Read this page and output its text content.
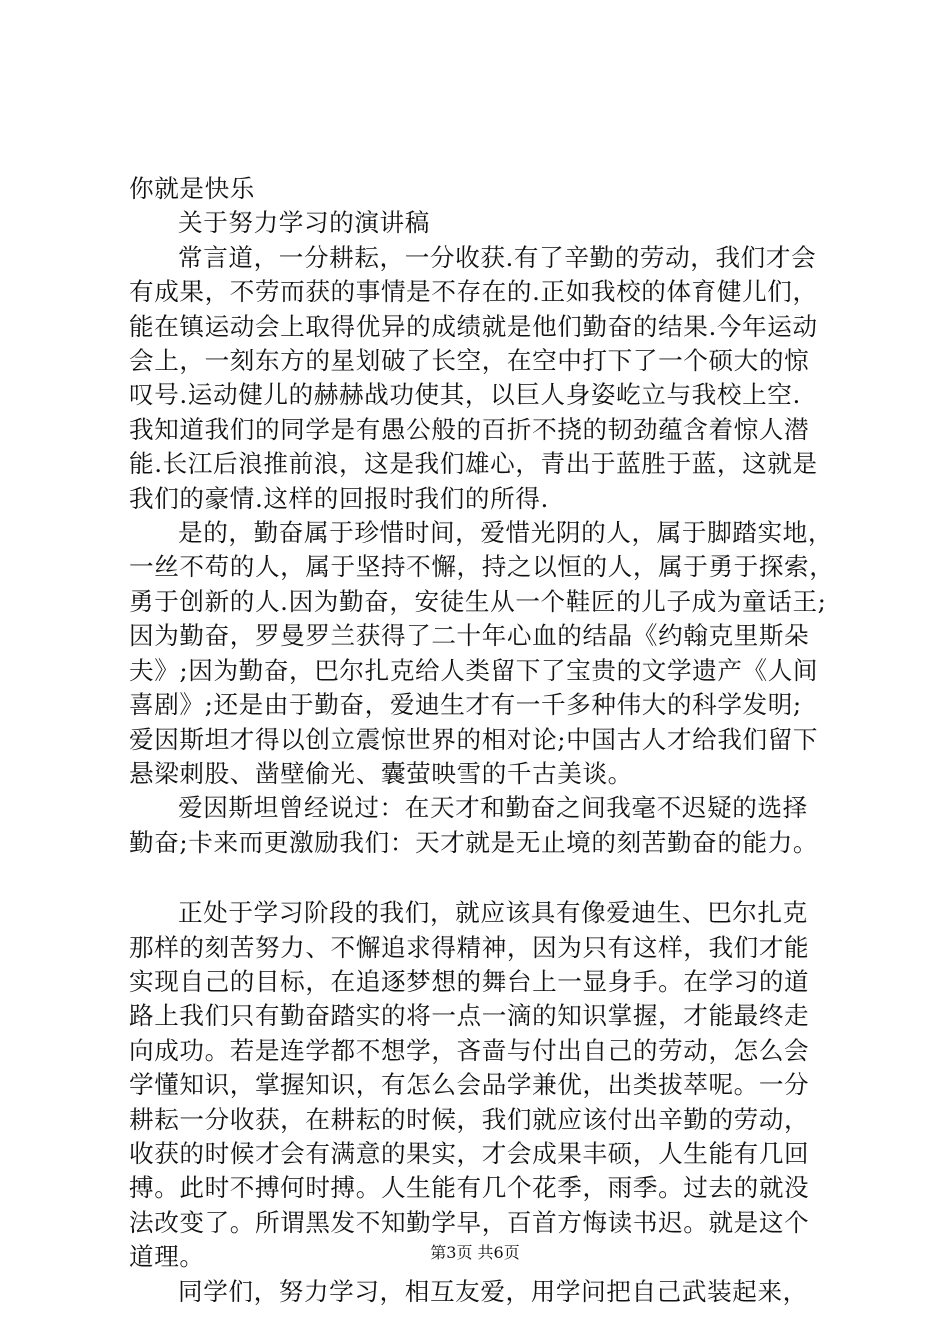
你就是快乐
关于努力学习的演讲稿
常言道，一分耕耘，一分收获.有了辛勤的劳动，我们才会
有成果，不劳而获的事情是不存在的.正如我校的体育健儿们，
能在镇运动会上取得优异的成绩就是他们勤奋的结果.今年运动
会上，一刻东方的星划破了长空，在空中打下了一个硕大的惊
叹号.运动健儿的赫赫战功使其，以巨人身姿屹立与我校上空.
我知道我们的同学是有愚公般的百折不挠的韧劲蕴含着惊人潜
能.长江后浪推前浪，这是我们雄心，青出于蓝胜于蓝，这就是
我们的豪情.这样的回报时我们的所得.
是的，勤奋属于珍惜时间，爱惜光阴的人，属于脚踏实地，
一丝不苟的人，属于坚持不懈，持之以恒的人，属于勇于探索，
勇于创新的人.因为勤奋，安徒生从一个鞋匠的儿子成为童话王;
因为勤奋，罗曼罗兰获得了二十年心血的结晶《约翰克里斯朵
夫》;因为勤奋，巴尔扎克给人类留下了宝贵的文学遗产《人间
喜剧》;还是由于勤奋，爱迪生才有一千多种伟大的科学发明;
爱因斯坦才得以创立震惊世界的相对论;中国古人才给我们留下
悬梁刺股、凿壁偷光、囊萤映雪的千古美谈。
爱因斯坦曾经说过：在天才和勤奋之间我毫不迟疑的选择
勤奋;卡来而更激励我们：天才就是无止境的刻苦勤奋的能力。
正处于学习阶段的我们，就应该具有像爱迪生、巴尔扎克
那样的刻苦努力、不懈追求得精神，因为只有这样，我们才能
实现自己的目标，在追逐梦想的舞台上一显身手。在学习的道
路上我们只有勤奋踏实的将一点一滴的知识掌握，才能最终走
向成功。若是连学都不想学，吝啬与付出自己的劳动，怎么会
学懂知识，掌握知识，有怎么会品学兼优，出类拔萃呢。一分
耕耘一分收获，在耕耘的时候，我们就应该付出辛勤的劳动，
收获的时候才会有满意的果实，才会成果丰硕，人生能有几回
搏。此时不搏何时搏。人生能有几个花季，雨季。过去的就没
法改变了。所谓黑发不知勤学早，百首方悔读书迟。就是这个
道理。
同学们，努力学习，相互友爱，用学问把自己武装起来，
第3页 共6页
